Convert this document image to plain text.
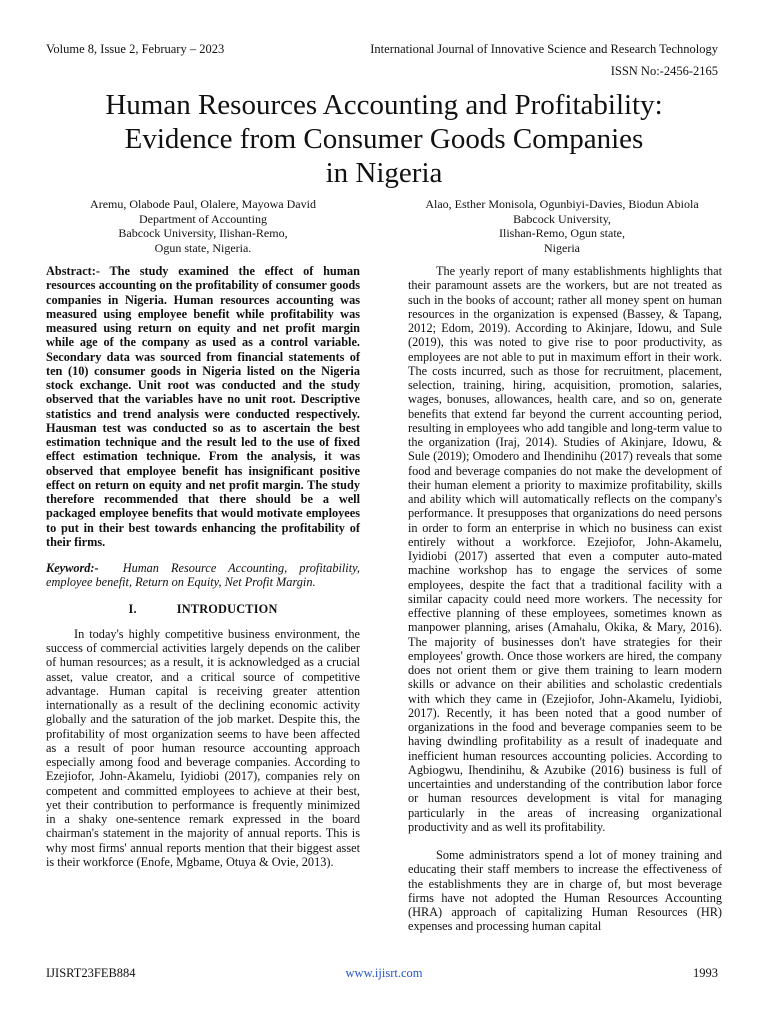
Volume 8, Issue 2, February – 2023	International Journal of Innovative Science and Research Technology
ISSN No:-2456-2165
Human Resources Accounting and Profitability:
Evidence from Consumer Goods Companies
in Nigeria
Aremu, Olabode Paul, Olalere, Mayowa David
Department of Accounting
Babcock University, Ilishan-Remo,
Ogun state, Nigeria.
Alao, Esther Monisola, Ogunbiyi-Davies, Biodun Abiola
Babcock University,
Ilishan-Remo, Ogun state,
Nigeria

Abstract:- The study examined the effect of human resources accounting on the profitability of consumer goods companies in Nigeria. Human resources accounting was measured using employee benefit while profitability was measured using return on equity and net profit margin while age of the company as used as a control variable. Secondary data was sourced from financial statements of ten (10) consumer goods in Nigeria listed on the Nigeria stock exchange. Unit root was conducted and the study observed that the variables have no unit root. Descriptive statistics and trend analysis were conducted respectively. Hausman test was conducted so as to ascertain the best estimation technique and the result led to the use of fixed effect estimation technique. From the analysis, it was observed that employee benefit has insignificant positive effect on return on equity and net profit margin. The study therefore recommended that there should be a well packaged employee benefits that would motivate employees to put in their best towards enhancing the profitability of their firms.

Keyword:- Human Resource Accounting, profitability, employee benefit, Return on Equity, Net Profit Margin.

I.	INTRODUCTION

In today's highly competitive business environment, the success of commercial activities largely depends on the caliber of human resources; as a result, it is acknowledged as a crucial asset, value creator, and a critical source of competitive advantage. Human capital is receiving greater attention internationally as a result of the declining economic activity globally and the saturation of the job market. Despite this, the profitability of most organization seems to have been affected as a result of poor human resource accounting approach especially among food and beverage companies. According to Ezejiofor, John-Akamelu, Iyidiobi (2017), companies rely on competent and committed employees to achieve at their best, yet their contribution to performance is frequently minimized in a shaky one-sentence remark expressed in the board chairman's statement in the majority of annual reports. This is why most firms' annual reports mention that their biggest asset is their workforce (Enofe, Mgbame, Otuya & Ovie, 2013).

The yearly report of many establishments highlights that their paramount assets are the workers, but are not treated as such in the books of account; rather all money spent on human resources in the organization is expensed (Bassey, & Tapang, 2012; Edom, 2019). According to Akinjare, Idowu, and Sule (2019), this was noted to give rise to poor productivity, as employees are not able to put in maximum effort in their work. The costs incurred, such as those for recruitment, placement, selection, training, hiring, acquisition, promotion, salaries, wages, bonuses, allowances, health care, and so on, generate benefits that extend far beyond the current accounting period, resulting in employees who add tangible and long-term value to the organization (Iraj, 2014). Studies of Akinjare, Idowu, & Sule (2019); Omodero and Ihendinihu (2017) reveals that some food and beverage companies do not make the development of their human element a priority to maximize profitability, skills and ability which will automatically reflects on the company's performance. It presupposes that organizations do need persons in order to form an enterprise in which no business can exist entirely without a workforce. Ezejiofor, John-Akamelu, Iyidiobi (2017) asserted that even a computer auto-mated machine workshop has to engage the services of some employees, despite the fact that a traditional facility with a similar capacity could need more workers. The necessity for effective planning of these employees, sometimes known as manpower planning, arises (Amahalu, Okika, & Mary, 2016). The majority of businesses don't have strategies for their employees' growth. Once those workers are hired, the company does not orient them or give them training to learn modern skills or advance on their abilities and scholastic credentials with which they came in (Ezejiofor, John-Akamelu, Iyidiobi, 2017). Recently, it has been noted that a good number of organizations in the food and beverage companies seem to be having dwindling profitability as a result of inadequate and inefficient human resources accounting policies. According to Agbiogwu, Ihendinihu, & Azubike (2016) business is full of uncertainties and understanding of the contribution labor force or human resources development is vital for managing particularly in the areas of increasing organizational productivity and as well its profitability.

Some administrators spend a lot of money training and educating their staff members to increase the effectiveness of the establishments they are in charge of, but most beverage firms have not adopted the Human Resources Accounting (HRA) approach of capitalizing Human Resources (HR) expenses and processing human capital

IJISRT23FEB884	www.ijisrt.com	1993
